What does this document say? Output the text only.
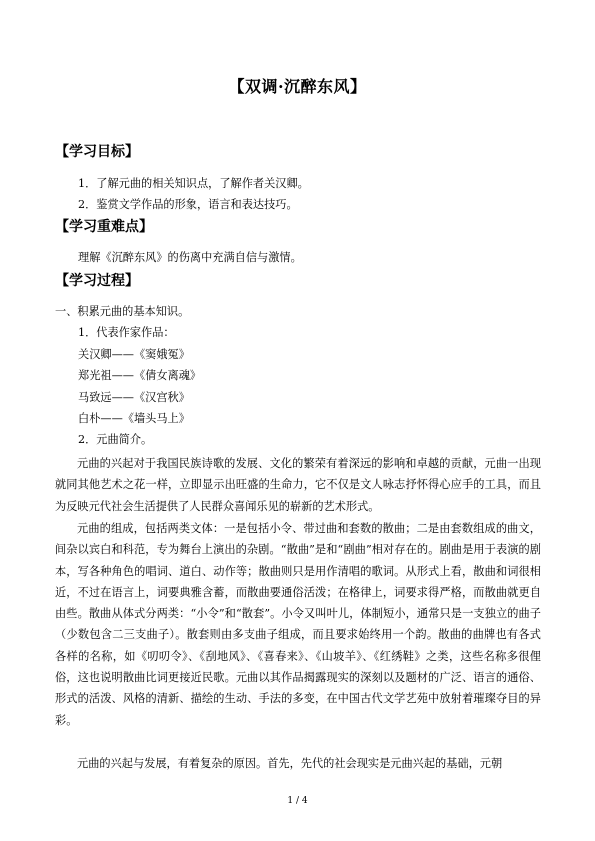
【双调·沉醉东风】
【学习目标】
1．了解元曲的相关知识点，了解作者关汉卿。
2．鉴赏文学作品的形象，语言和表达技巧。
【学习重难点】
理解《沉醉东风》的伤离中充满自信与激情。
【学习过程】
一、积累元曲的基本知识。
1．代表作家作品：
关汉卿——《窦娥冤》
郑光祖——《倩女离魂》
马致远——《汉宫秋》
白朴——《墙头马上》
2．元曲简介。
元曲的兴起对于我国民族诗歌的发展、文化的繁荣有着深远的影响和卓越的贡献，元曲一出现就同其他艺术之花一样，立即显示出旺盛的生命力，它不仅是文人咏志抒怀得心应手的工具，而且为反映元代社会生活提供了人民群众喜闻乐见的崭新的艺术形式。
元曲的组成，包括两类文体：一是包括小令、带过曲和套数的散曲；二是由套数组成的曲文，间杂以宾白和科范，专为舞台上演出的杂剧。“散曲”是和“剧曲”相对存在的。剧曲是用于表演的剧本，写各种角色的唱词、道白、动作等；散曲则只是用作清唱的歌词。从形式上看，散曲和词很相近，不过在语言上，词要典雅含蓄，而散曲要通俗活泼；在格律上，词要求得严格，而散曲就更自由些。散曲从体式分两类：“小令”和“散套”。小令又叫叶儿，体制短小，通常只是一支独立的曲子（少数包含二三支曲子）。散套则由多支曲子组成，而且要求始终用一个韵。散曲的曲牌也有各式各样的名称，如《叨叨令》、《刮地风》、《喜春来》、《山坡羊》、《红绣鞋》之类，这些名称多很俚俗，这也说明散曲比词更接近民歌。元曲以其作品揭露现实的深刻以及题材的广泛、语言的通俗、形式的活泼、风格的清新、描绘的生动、手法的多变，在中国古代文学艺苑中放射着璀璨夺目的异彩。
元曲的兴起与发展，有着复杂的原因。首先，先代的社会现实是元曲兴起的基础，元朝
1 / 4
